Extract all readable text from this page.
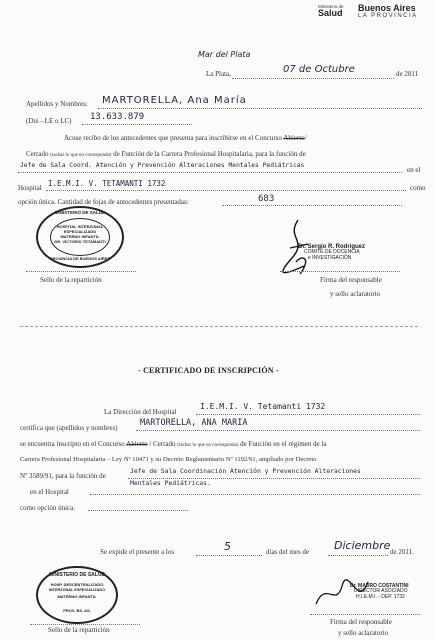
Ministerio de
Salud	Buenos Aires
LA PROVINCIA
Mar del Plata
La Plata,	07 de Octubre	de 2011
Apellidos y Nombres: MARTORELLA, Ana María
(Dni - LE o LC) 13.633.879
Acuse recibo de los antecedentes que presenta para inscribirse en el Concurso Abierto/
Cerrado (tachar lo que no corresponda) de Función de la Carrera Profesional Hospitalaria, para la función de
Jefe de Sala Coord. Atención y Prevención Alteraciones Mentales Pediátricas
en el
Hospital I.E.M.I. V. TETAMANTI 1732	como
opción única. Cantidad de fojas de antecedentes presentadas:	683
MINISTERIO DE SALUD
HOSPITAL INTERZONAL
ESPECIALIZADO
MATERNO INFANTIL
DR. VICTORIO TETAMANTI
PROVINCIA DE BUENOS AIRES
Sello de la repartición
Dr. Sergio R. Rodriguez
COMITÉ DE DOCENCIA
e INVESTIGACIÓN
Firma del responsable
y sello aclaratorio
- CERTIFICADO DE INSCRIPCIÓN -
La Dirección del Hospital
I.E.M.I. V. Tetamanti 1732
certifica que (apellidos y nombres)	MARTORELLA, ANA MARIA
se encuentra inscripto en el Concurso Abierto / Cerrado (tachar lo que no corresponda) de Función en el régimen de la
Carrera Profesional Hospitalaria – Ley Nº 10471 y su Decreto Reglamentario Nº 1192/91, ampliado por Decreto
Nº 3589/91, para la función de
Jefe de Sala Coordinación Atención y Prevención Alteraciones
Mentales Pediátricas.
en el Hospital
como opción única.
Se expide el presente a los	5	días del mes de Diciembre de 2011.
MINISTERIO DE SALUD
HOSP. DESCENTRALIZADO
INTERZONAL ESPECIALIZADO
MATERNO INFANTIL
PROV. BS. AS.
Sello de la repartición
Dr. MAURO COSTANTINI
DIRECTOR ASOCIADO
H.I.E.M.I. - DEP. 1732
Firma del responsable
y sello aclaratorio
